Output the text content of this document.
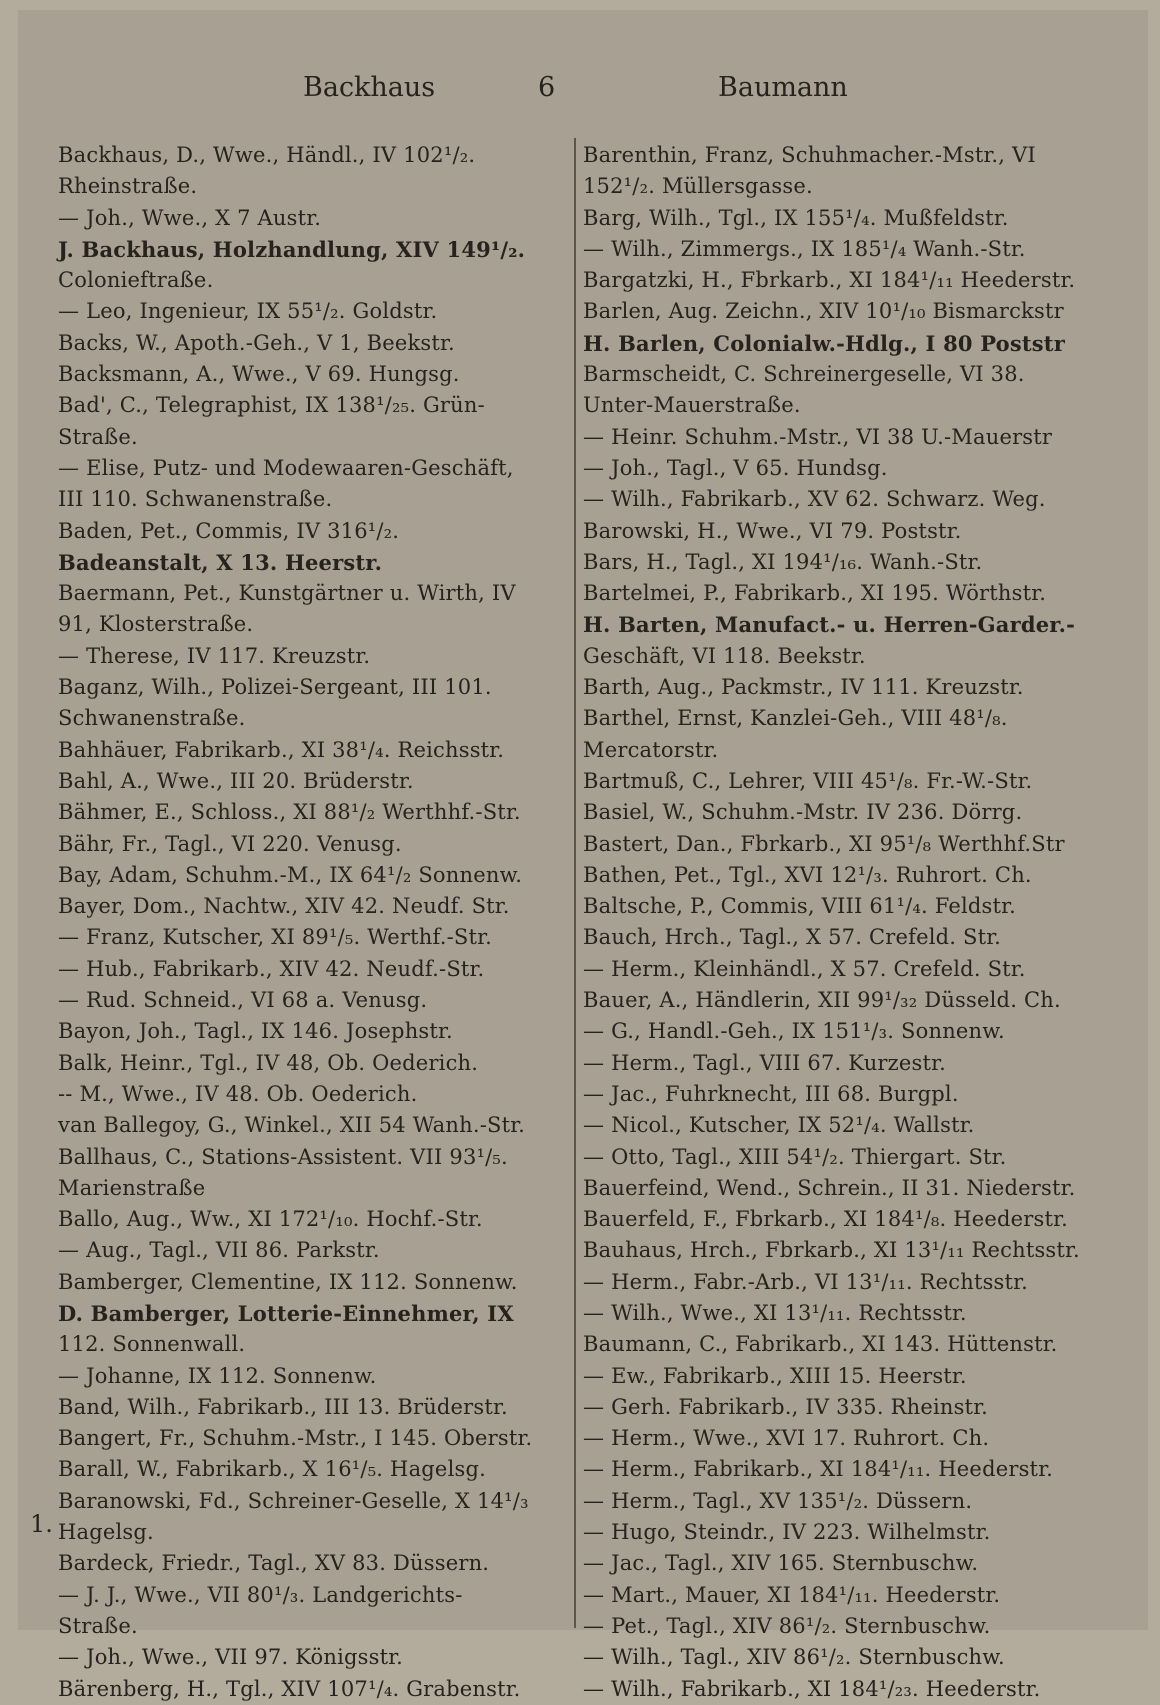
Backhaus	6	Baumann

Backhaus, D., Wwe., Händl., IV 102¹/₂.

Rheinstraße.

— Joh., Wwe., X 7 Austr.

J. Backhaus, Holzhandlung, XIV 149¹/₂.

Colonieftraße.

— Leo, Ingenieur, IX 55¹/₂. Goldstr.

Backs, W., Apoth.-Geh., V 1, Beekstr.

Backsmann, A., Wwe., V 69. Hungsg.

Bad', C., Telegraphist, IX 138¹/₂₅. Grün-

Straße.

— Elise, Putz- und Modewaaren-Geschäft,

III 110. Schwanenstraße.

Baden, Pet., Commis, IV 316¹/₂.

Badeanstalt, X 13. Heerstr.

Baermann, Pet., Kunstgärtner u. Wirth, IV

91, Klosterstraße.

— Therese, IV 117. Kreuzstr.

Baganz, Wilh., Polizei-Sergeant, III 101.

Schwanenstraße.

Bahhäuer, Fabrikarb., XI 38¹/₄. Reichsstr.

Bahl, A., Wwe., III 20. Brüderstr.

Bähmer, E., Schloss., XI 88¹/₂ Werthhf.-Str.

Bähr, Fr., Tagl., VI 220. Venusg.

Bay, Adam, Schuhm.-M., IX 64¹/₂ Sonnenw.

Bayer, Dom., Nachtw., XIV 42. Neudf. Str.

— Franz, Kutscher, XI 89¹/₅. Werthf.-Str.

— Hub., Fabrikarb., XIV 42. Neudf.-Str.

— Rud. Schneid., VI 68 a. Venusg.

Bayon, Joh., Tagl., IX 146. Josephstr.

Balk, Heinr., Tgl., IV 48, Ob. Oederich.

-- M., Wwe., IV 48. Ob. Oederich.

van Ballegoy, G., Winkel., XII 54 Wanh.-Str.

Ballhaus, C., Stations-Assistent. VII 93¹/₅.

Marienstraße

Ballo, Aug., Ww., XI 172¹/₁₀. Hochf.-Str.

— Aug., Tagl., VII 86. Parkstr.

Bamberger, Clementine, IX 112. Sonnenw.

D. Bamberger, Lotterie-Einnehmer, IX

112. Sonnenwall.

— Johanne, IX 112. Sonnenw.

Band, Wilh., Fabrikarb., III 13. Brüderstr.

Bangert, Fr., Schuhm.-Mstr., I 145. Oberstr.

Barall, W., Fabrikarb., X 16¹/₅. Hagelsg.

Baranowski, Fd., Schreiner-Geselle, X 14¹/₃

Hagelsg.

Bardeck, Friedr., Tagl., XV 83. Düssern.

— J. J., Wwe., VII 80¹/₃. Landgerichts-

Straße.

— Joh., Wwe., VII 97. Königsstr.

Bärenberg, H., Tgl., XIV 107¹/₄. Grabenstr.

Barenthin, Franz, Schuhmacher.-Mstr., VI

152¹/₂. Müllersgasse.

Barg, Wilh., Tgl., IX 155¹/₄. Mußfeldstr.

— Wilh., Zimmergs., IX 185¹/₄ Wanh.-Str.

Bargatzki, H., Fbrkarb., XI 184¹/₁₁ Heederstr.

Barlen, Aug. Zeichn., XIV 10¹/₁₀ Bismarckstr

H. Barlen, Colonialw.-Hdlg., I 80 Poststr

Barmscheidt, C. Schreinergeselle, VI 38.

Unter-Mauerstraße.

— Heinr. Schuhm.-Mstr., VI 38 U.-Mauerstr

— Joh., Tagl., V 65. Hundsg.

— Wilh., Fabrikarb., XV 62. Schwarz. Weg.

Barowski, H., Wwe., VI 79. Poststr.

Bars, H., Tagl., XI 194¹/₁₆. Wanh.-Str.

Bartelmei, P., Fabrikarb., XI 195. Wörthstr.

H. Barten, Manufact.- u. Herren-Garder.-

Geschäft, VI 118. Beekstr.

Barth, Aug., Packmstr., IV 111. Kreuzstr.

Barthel, Ernst, Kanzlei-Geh., VIII 48¹/₈.

Mercatorstr.

Bartmuß, C., Lehrer, VIII 45¹/₈. Fr.-W.-Str.

Basiel, W., Schuhm.-Mstr. IV 236. Dörrg.

Bastert, Dan., Fbrkarb., XI 95¹/₈ Werthhf.Str

Bathen, Pet., Tgl., XVI 12¹/₃. Ruhrort. Ch.

Baltsche, P., Commis, VIII 61¹/₄. Feldstr.

Bauch, Hrch., Tagl., X 57. Crefeld. Str.

— Herm., Kleinhändl., X 57. Crefeld. Str.

Bauer, A., Händlerin, XII 99¹/₃₂ Düsseld. Ch.

— G., Handl.-Geh., IX 151¹/₃. Sonnenw.

— Herm., Tagl., VIII 67. Kurzestr.

— Jac., Fuhrknecht, III 68. Burgpl.

— Nicol., Kutscher, IX 52¹/₄. Wallstr.

— Otto, Tagl., XIII 54¹/₂. Thiergart. Str.

Bauerfeind, Wend., Schrein., II 31. Niederstr.

Bauerfeld, F., Fbrkarb., XI 184¹/₈. Heederstr.

Bauhaus, Hrch., Fbrkarb., XI 13¹/₁₁ Rechtsstr.

— Herm., Fabr.-Arb., VI 13¹/₁₁. Rechtsstr.

— Wilh., Wwe., XI 13¹/₁₁. Rechtsstr.

Baumann, C., Fabrikarb., XI 143. Hüttenstr.

— Ew., Fabrikarb., XIII 15. Heerstr.

— Gerh. Fabrikarb., IV 335. Rheinstr.

— Herm., Wwe., XVI 17. Ruhrort. Ch.

— Herm., Fabrikarb., XI 184¹/₁₁. Heederstr.

— Herm., Tagl., XV 135¹/₂. Düssern.

— Hugo, Steindr., IV 223. Wilhelmstr.

— Jac., Tagl., XIV 165. Sternbuschw.

— Mart., Mauer, XI 184¹/₁₁. Heederstr.

— Pet., Tagl., XIV 86¹/₂. Sternbuschw.

— Wilh., Tagl., XIV 86¹/₂. Sternbuschw.

— Wilh., Fabrikarb., XI 184¹/₂₃. Heederstr.

1.
